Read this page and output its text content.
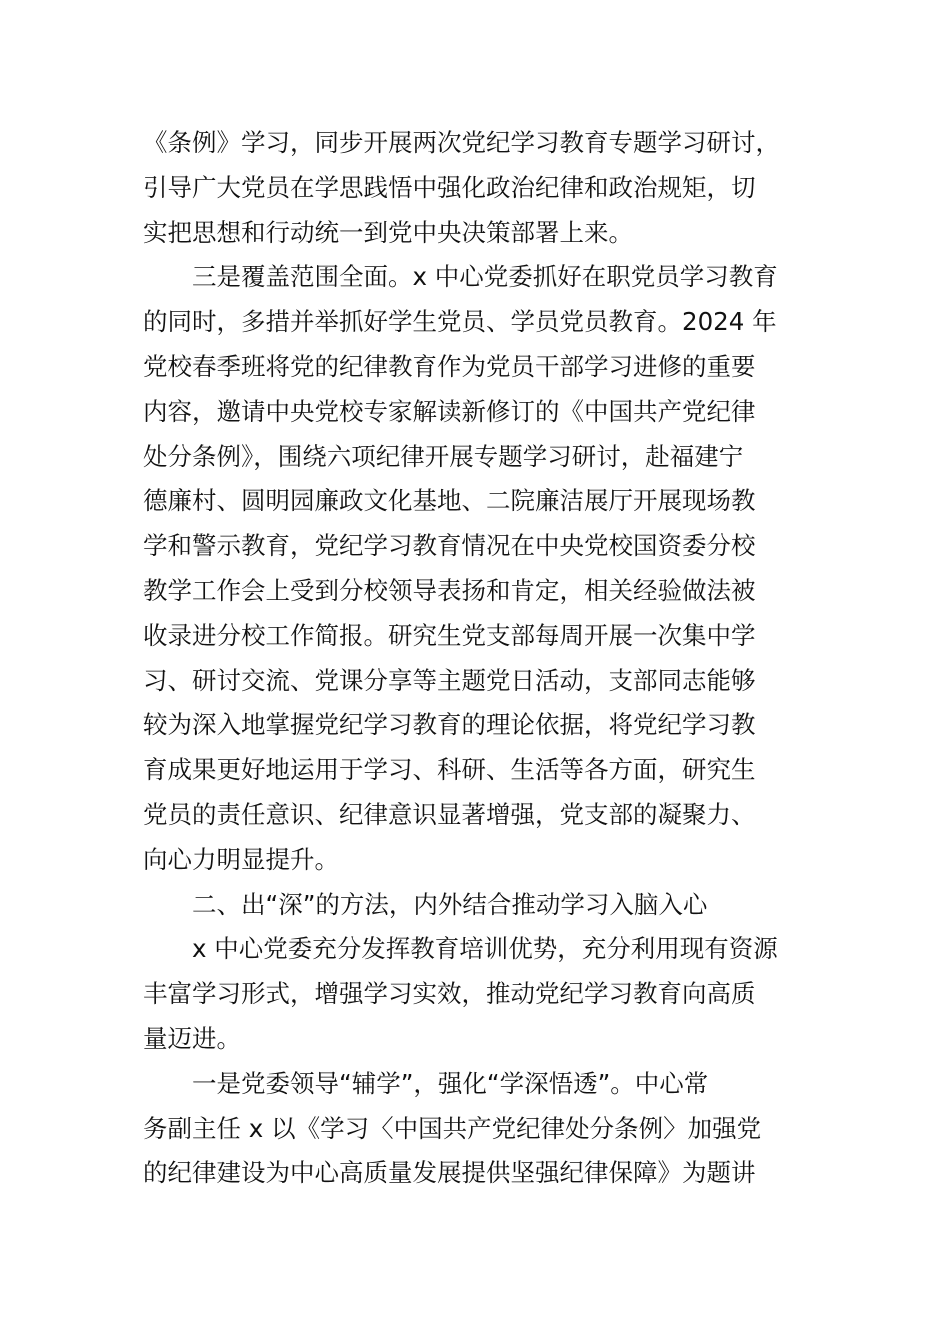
《条例》学习，同步开展两次党纪学习教育专题学习研讨，
引导广大党员在学思践悟中强化政治纪律和政治规矩，切
实把思想和行动统一到党中央决策部署上来。
三是覆盖范围全面。x 中心党委抓好在职党员学习教育
的同时，多措并举抓好学生党员、学员党员教育。2024 年
党校春季班将党的纪律教育作为党员干部学习进修的重要
内容，邀请中央党校专家解读新修订的《中国共产党纪律
处分条例》，围绕六项纪律开展专题学习研讨，赴福建宁
德廉村、圆明园廉政文化基地、二院廉洁展厅开展现场教
学和警示教育，党纪学习教育情况在中央党校国资委分校
教学工作会上受到分校领导表扬和肯定，相关经验做法被
收录进分校工作简报。研究生党支部每周开展一次集中学
习、研讨交流、党课分享等主题党日活动，支部同志能够
较为深入地掌握党纪学习教育的理论依据，将党纪学习教
育成果更好地运用于学习、科研、生活等各方面，研究生
党员的责任意识、纪律意识显著增强，党支部的凝聚力、
向心力明显提升。
二、出“深”的方法，内外结合推动学习入脑入心
x 中心党委充分发挥教育培训优势，充分利用现有资源
丰富学习形式，增强学习实效，推动党纪学习教育向高质
量迈进。
一是党委领导“辅学”，强化“学深悟透”。中心常
务副主任 x 以《学习〈中国共产党纪律处分条例〉加强党
的纪律建设为中心高质量发展提供坚强纪律保障》为题讲
